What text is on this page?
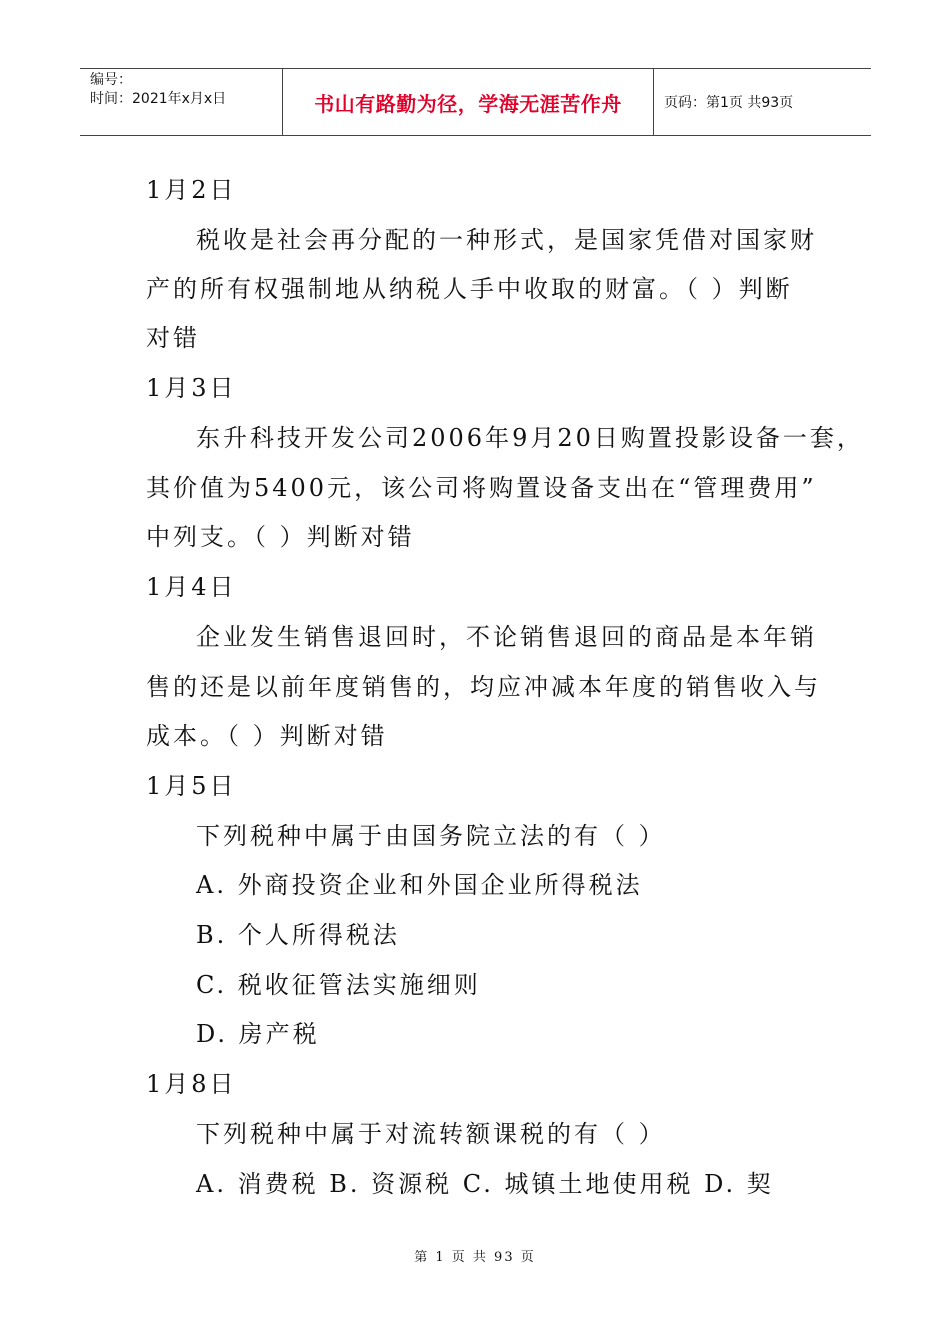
编号：
时间：2021年x月x日	书山有路勤为径，学海无涯苦作舟	页码：第1页 共93页
1月2日
税收是社会再分配的一种形式，是国家凭借对国家财
产的所有权强制地从纳税人手中收取的财富。（ ）判断
对错
1月3日
东升科技开发公司2006年9月20日购置投影设备一套，
其价值为5400元，该公司将购置设备支出在“管理费用”
中列支。（ ）判断对错
1月4日
企业发生销售退回时，不论销售退回的商品是本年销
售的还是以前年度销售的，均应冲减本年度的销售收入与
成本。（ ）判断对错
1月5日
下列税种中属于由国务院立法的有（ ）
A. 外商投资企业和外国企业所得税法
B. 个人所得税法
C. 税收征管法实施细则
D. 房产税
1月8日
下列税种中属于对流转额课税的有（ ）
A. 消费税 B. 资源税 C. 城镇土地使用税 D. 契
第 1 页 共 93 页
